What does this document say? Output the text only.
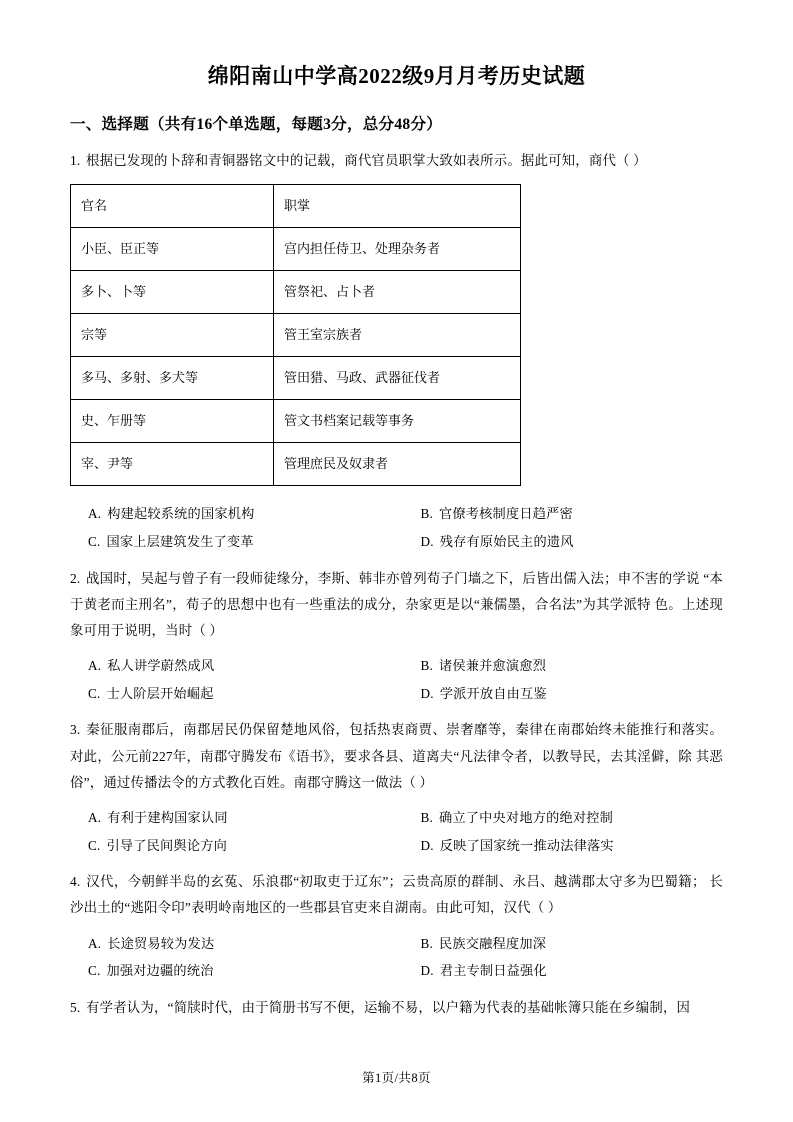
绵阳南山中学高2022级9月月考历史试题
一、选择题（共有16个单选题，每题3分，总分48分）

1. 根据已发现的卜辞和青铜器铭文中的记载，商代官员职掌大致如表所示。据此可知，商代（ ）

官名	职掌
小臣、臣正等	宫内担任侍卫、处理杂务者
多卜、卜等	管祭祀、占卜者
宗等	管王室宗族者
多马、多射、多犬等	管田猎、马政、武器征伐者
史、乍册等	管文书档案记载等事务
宰、尹等	管理庶民及奴隶者
A. 构建起较系统的国家机构	B. 官僚考核制度日趋严密
C. 国家上层建筑发生了变革	D. 残存有原始民主的遗风

2. 战国时，吴起与曾子有一段师徒缘分，李斯、韩非亦曾列荀子门墙之下，后皆出儒入法；申不害的学说 “本于黄老而主刑名”，荀子的思想中也有一些重法的成分，杂家更是以“兼儒墨，合名法”为其学派特 色。上述现象可用于说明，当时（ ）

A. 私人讲学蔚然成风	B. 诸侯兼并愈演愈烈
C. 士人阶层开始崛起	D. 学派开放自由互鉴

3. 秦征服南郡后，南郡居民仍保留楚地风俗，包括热衷商贾、崇奢靡等，秦律在南郡始终未能推行和落实。 对此，公元前227年，南郡守腾发布《语书》，要求各县、道离夫“凡法律令者，以教导民，去其淫僻，除 其恶俗”，通过传播法令的方式教化百姓。南郡守腾这一做法（ ）

A. 有利于建构国家认同	B. 确立了中央对地方的绝对控制
C. 引导了民间舆论方向	D. 反映了国家统一推动法律落实

4. 汉代，今朝鲜半岛的玄菟、乐浪郡“初取吏于辽东”；云贵高原的群制、永吕、越满郡太守多为巴蜀籍； 长沙出土的“逃阳令印”表明岭南地区的一些郡县官吏来自湖南。由此可知，汉代（ ）

A. 长途贸易较为发达	B. 民族交融程度加深
C. 加强对边疆的统治	D. 君主专制日益强化

5. 有学者认为，“简牍时代，由于简册书写不便，运输不易，以户籍为代表的基础帐簿只能在乡编制，因

第1页/共8页
